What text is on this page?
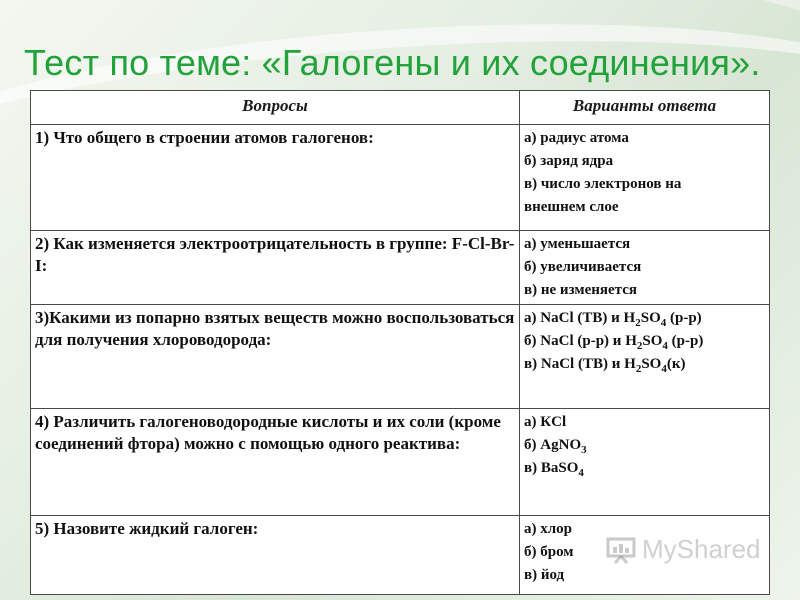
Тест по теме: «Галогены и их соединения».
Вопросы	Варианты ответа
1) Что общего в строении атомов галогенов:	а) радиус атома
б) заряд ядра
в) число электронов на
внешнем слое

2) Как изменяется электроотрицательность в группе: F-Cl-Br-I:	а) уменьшается
б) увеличивается
в) не изменяется

3)Какими из попарно взятых веществ можно воспользоваться для получения хлороводорода:	а) NaCl (ТВ) и $H_2SO_4$ (р-р)
б) NaCl (р-р) и $H_2SO_4$ (р-р)
в) NaCl (ТВ) и $H_2SO_4(к)$

4) Различить галогеноводородные кислоты и их соли (кроме соединений фтора) можно с помощью одного реактива:	а) КCl
б) AgNO$_3$
в) BaSO$_4$

5) Назовите жидкий галоген:	а) хлор
б) бром
в) йод
MyShared
